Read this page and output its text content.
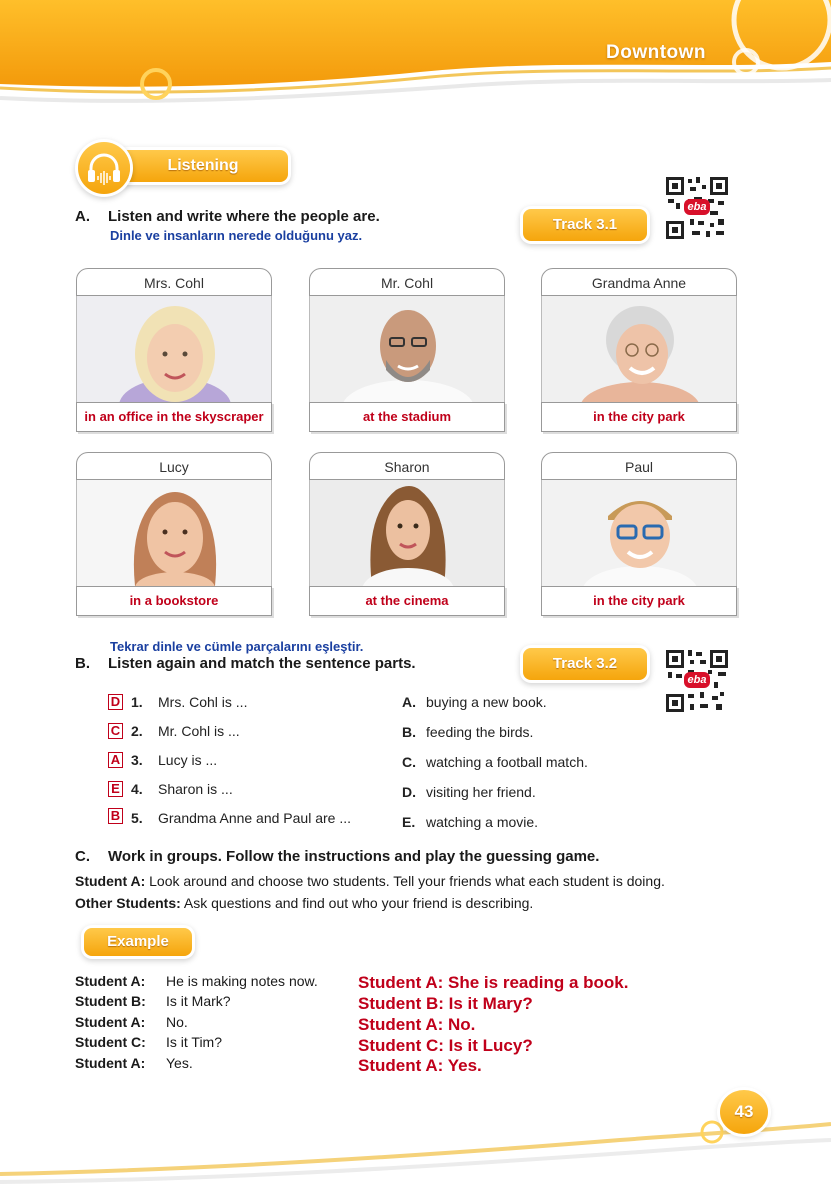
Downtown
Listening
A. Listen and write where the people are.
Dinle ve insanların nerede olduğunu yaz.
Track 3.1
eba
Mrs. Cohl
in an office in the skyscraper
Mr. Cohl
at the stadium
Grandma Anne
in the city park
Lucy
in a bookstore
Sharon
at the cinema
Paul
in the city park
Tekrar dinle ve cümle parçalarını eşleştir.
B. Listen again and match the sentence parts.	Track 3.2
eba
D 1. Mrs. Cohl is ...
C 2. Mr. Cohl is ...
A 3. Lucy is ...
E 4. Sharon is ...
B 5. Grandma Anne and Paul are ...
A. buying a new book.
B. feeding the birds.
C. watching a football match.
D. visiting her friend.
E. watching a movie.
C. Work in groups. Follow the instructions and play the guessing game.
Student A: Look around and choose two students. Tell your friends what each student is doing.
Other Students: Ask questions and find out who your friend is describing.
Example
Student A: He is making notes now.
Student B: Is it Mark?
Student A: No.
Student C: Is it Tim?
Student A: Yes.
Student A: She is reading a book.
Student B: Is it Mary?
Student A: No.
Student C: Is it Lucy?
Student A: Yes.
43
